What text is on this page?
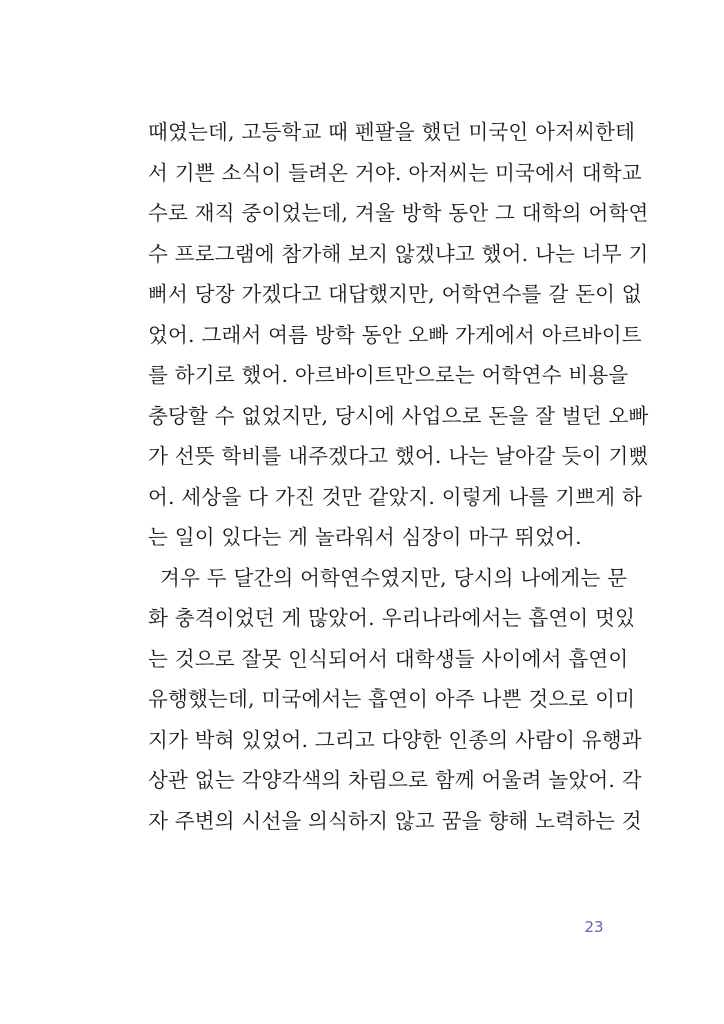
때였는데, 고등학교 때 펜팔을 했던 미국인 아저씨한테
서 기쁜 소식이 들려온 거야. 아저씨는 미국에서 대학교
수로 재직 중이었는데, 겨울 방학 동안 그 대학의 어학연
수 프로그램에 참가해 보지 않겠냐고 했어. 나는 너무 기
뻐서 당장 가겠다고 대답했지만, 어학연수를 갈 돈이 없
었어. 그래서 여름 방학 동안 오빠 가게에서 아르바이트
를 하기로 했어. 아르바이트만으로는 어학연수 비용을
충당할 수 없었지만, 당시에 사업으로 돈을 잘 벌던 오빠
가 선뜻 학비를 내주겠다고 했어. 나는 날아갈 듯이 기뻤
어. 세상을 다 가진 것만 같았지. 이렇게 나를 기쁘게 하
는 일이 있다는 게 놀라워서 심장이 마구 뛰었어.
겨우 두 달간의 어학연수였지만, 당시의 나에게는 문
화 충격이었던 게 많았어. 우리나라에서는 흡연이 멋있
는 것으로 잘못 인식되어서 대학생들 사이에서 흡연이
유행했는데, 미국에서는 흡연이 아주 나쁜 것으로 이미
지가 박혀 있었어. 그리고 다양한 인종의 사람이 유행과
상관 없는 각양각색의 차림으로 함께 어울려 놀았어. 각
자 주변의 시선을 의식하지 않고 꿈을 향해 노력하는 것
23
